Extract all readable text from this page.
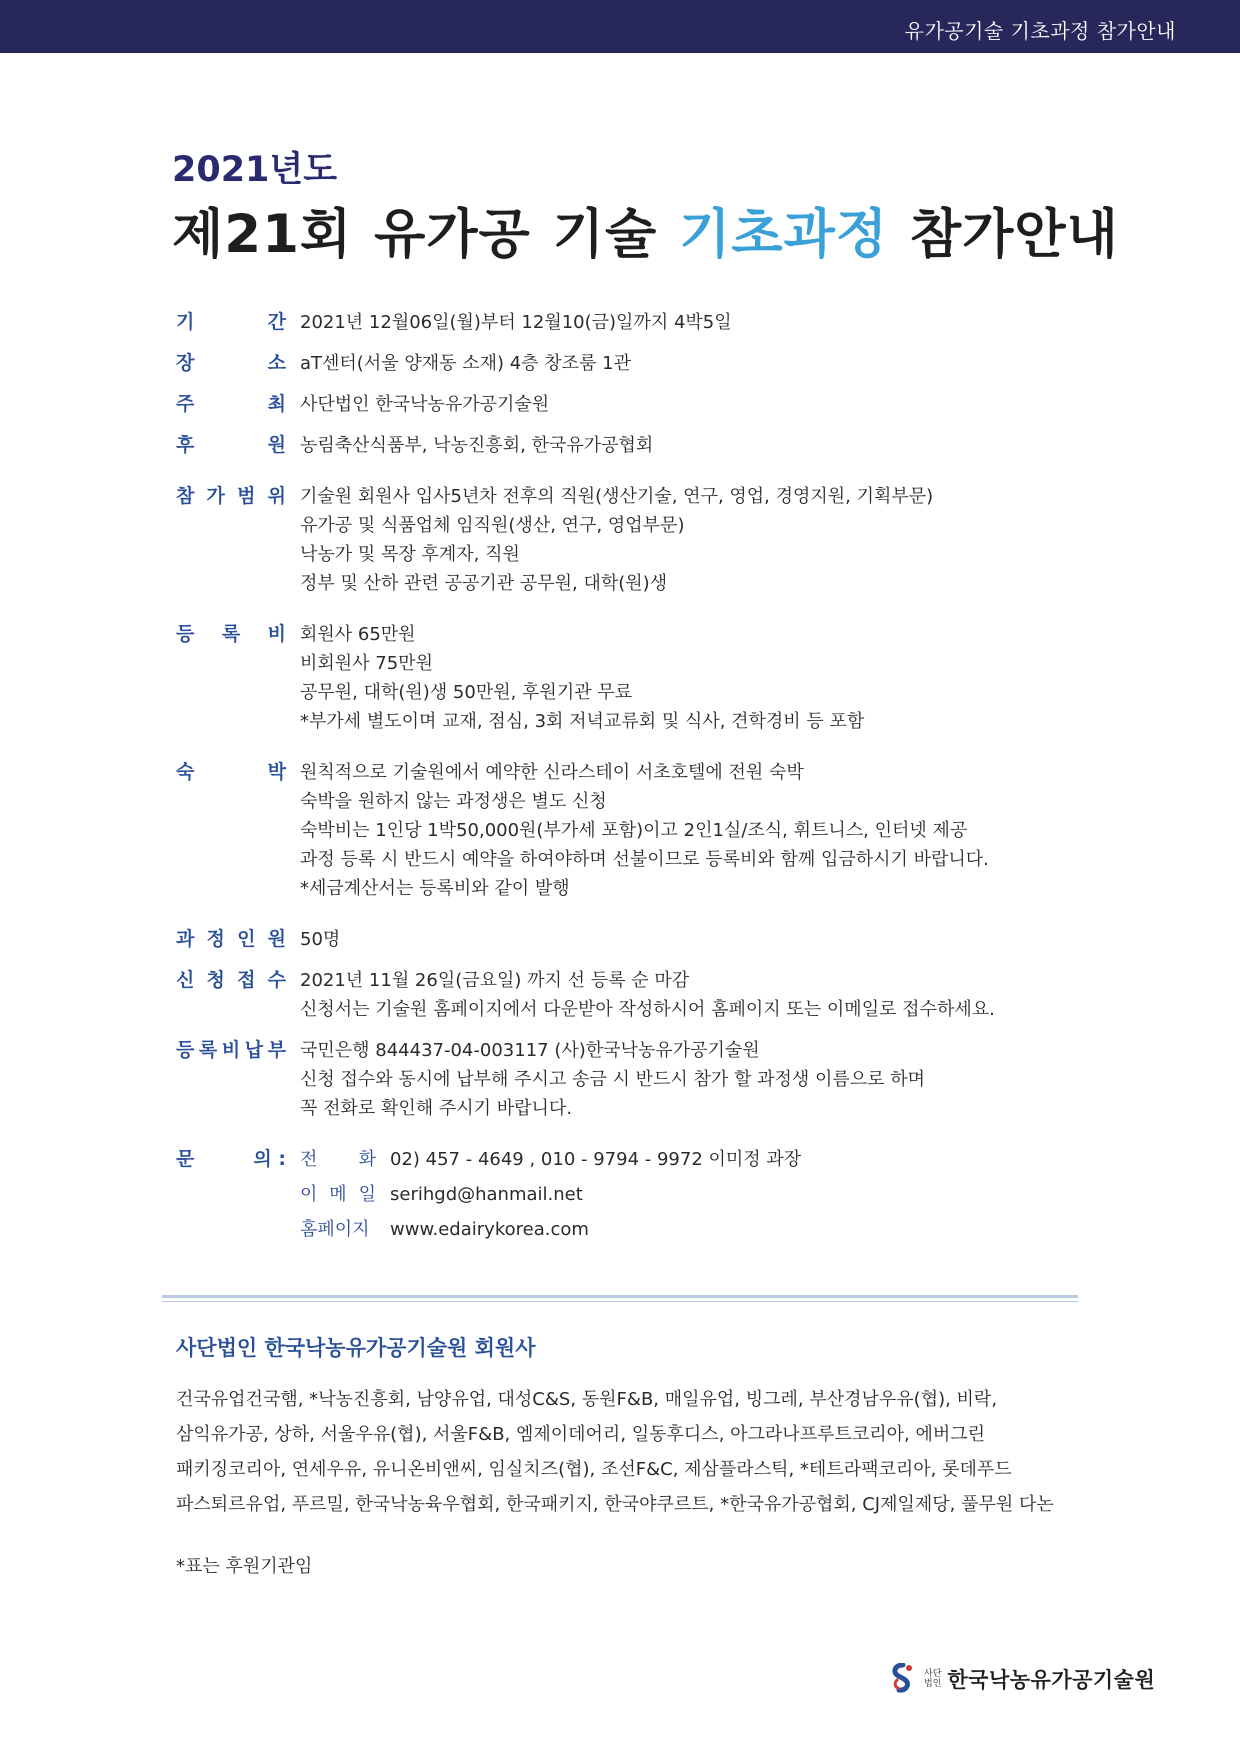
유가공기술 기초과정 참가안내
2021년도
제21회 유가공 기술 기초과정 참가안내
기	간 2021년 12월06일(월)부터 12월10(금)일까지 4박5일
장	소 aT센터(서울 양재동 소재) 4층 창조룸 1관
주	최 사단법인 한국낙농유가공기술원
후	원 농림축산식품부, 낙농진흥회, 한국유가공협회
참 가 범 위 기술원 회원사 입사5년차 전후의 직원(생산기술, 연구, 영업, 경영지원, 기획부문)
유가공 및 식품업체 임직원(생산, 연구, 영업부문)
낙농가 및 목장 후계자, 직원
정부 및 산하 관련 공공기관 공무원, 대학(원)생
등 록 비 회원사 65만원
비회원사 75만원
공무원, 대학(원)생 50만원, 후원기관 무료
*부가세 별도이며 교재, 점심, 3회 저녁교류회 및 식사, 견학경비 등 포함
숙	박 원칙적으로 기술원에서 예약한 신라스테이 서초호텔에 전원 숙박
숙박을 원하지 않는 과정생은 별도 신청
숙박비는 1인당 1박50,000원(부가세 포함)이고 2인1실/조식, 휘트니스, 인터넷 제공
과정 등록 시 반드시 예약을 하여야하며 선불이므로 등록비와 함께 입금하시기 바랍니다.
*세금계산서는 등록비와 같이 발행
과 정 인 원 50명
신 청 접 수 2021년 11월 26일(금요일) 까지 선 등록 순 마감
신청서는 기술원 홈페이지에서 다운받아 작성하시어 홈페이지 또는 이메일로 접수하세요.
등 록 비 납 부 국민은행 844437-04-003117 (사)한국낙농유가공기술원
신청 접수와 동시에 납부해 주시고 송금 시 반드시 참가 할 과정생 이름으로 하며
꼭 전화로 확인해 주시기 바랍니다.
문	의 : 전 화 02) 457 - 4649 , 010 - 9794 - 9972 이미정 과장
이 메 일 serihgd@hanmail.net
홈페이지 www.edairykorea.com
사단법인 한국낙농유가공기술원 회원사
건국유업건국햄, *낙농진흥회, 남양유업, 대성C&S, 동원F&B, 매일유업, 빙그레, 부산경남우유(협), 비락,
삼익유가공, 상하, 서울우유(협), 서울F&B, 엠제이데어리, 일동후디스, 아그라나프루트코리아, 에버그린
패키징코리아, 연세우유, 유니온비앤씨, 임실치즈(협), 조선F&C, 제삼플라스틱, *테트라팩코리아, 롯데푸드
파스퇴르유업, 푸르밀, 한국낙농육우협회, 한국패키지, 한국야쿠르트, *한국유가공협회, CJ제일제당, 풀무원 다논
*표는 후원기관임
사단
법인 한국낙농유가공기술원
